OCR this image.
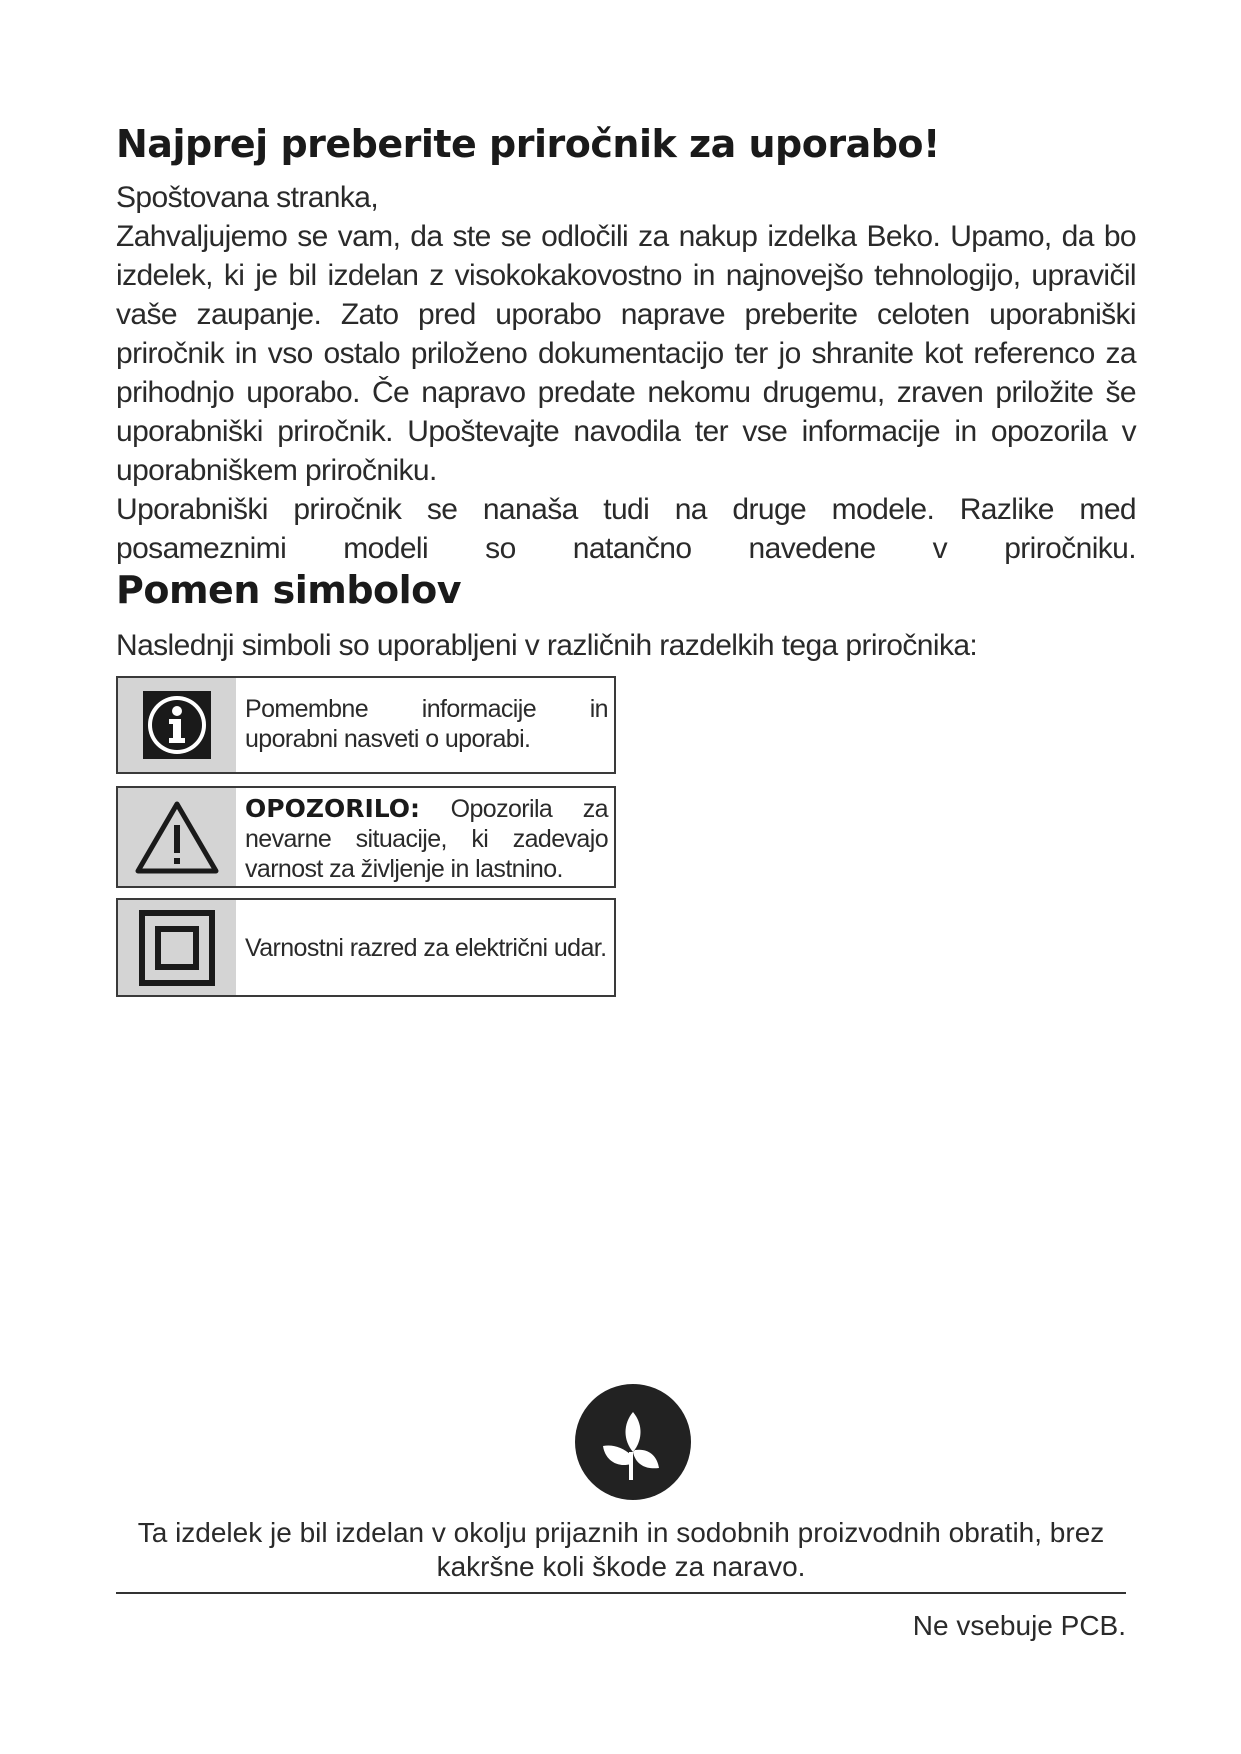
Najprej preberite priročnik za uporabo!

Spoštovana stranka,

Zahvaljujemo se vam, da ste se odločili za nakup izdelka Beko. Upamo, da bo izdelek, ki je bil izdelan z visokokakovostno in najnovejšo tehnologijo, upravičil vaše zaupanje. Zato pred uporabo naprave preberite celoten uporabniški priročnik in vso ostalo priloženo dokumentacijo ter jo shranite kot referenco za prihodnjo uporabo. Če napravo predate nekomu drugemu, zraven priložite še uporabniški priročnik. Upoštevajte navodila ter vse informacije in opozorila v uporabniškem priročniku.

Uporabniški priročnik se nanaša tudi na druge modele. Razlike med posameznimi modeli so natančno navedene v priročniku.

Pomen simbolov

Naslednji simboli so uporabljeni v različnih razdelkih tega priročnika:

Pomembne informacije in uporabni nasveti o uporabi.
OPOZORILO: Opozorila za nevarne situacije, ki zadevajo varnost za življenje in lastnino.
Varnostni razred za električni udar.

Ta izdelek je bil izdelan v okolju prijaznih in sodobnih proizvodnih obratih, brez kakršne koli škode za naravo.

Ne vsebuje PCB.
